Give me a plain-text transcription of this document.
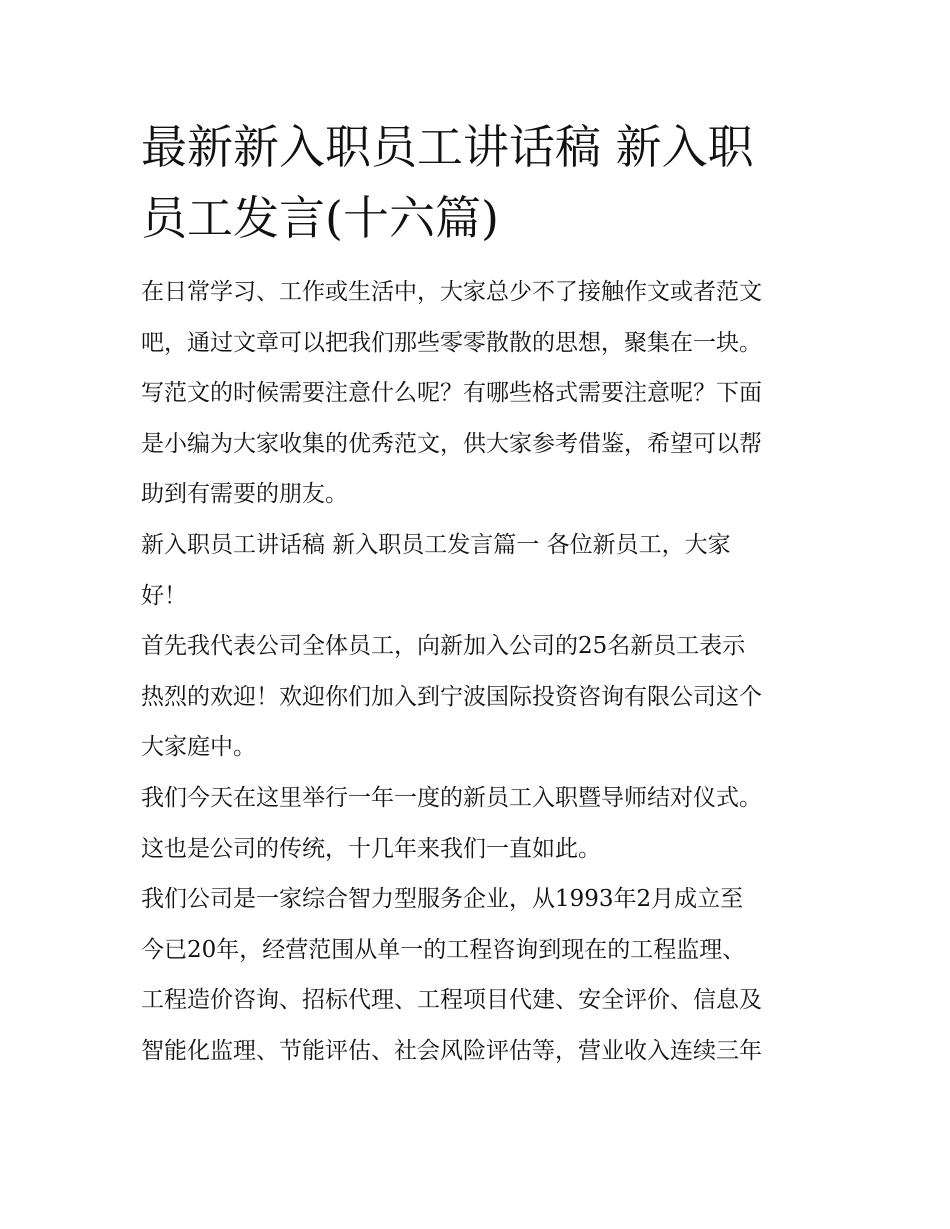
最新新入职员工讲话稿 新入职
员工发言(十六篇)
在日常学习、工作或生活中，大家总少不了接触作文或者范文
吧，通过文章可以把我们那些零零散散的思想，聚集在一块。
写范文的时候需要注意什么呢？有哪些格式需要注意呢？下面
是小编为大家收集的优秀范文，供大家参考借鉴，希望可以帮
助到有需要的朋友。
新入职员工讲话稿 新入职员工发言篇一 各位新员工，大家
好！
首先我代表公司全体员工，向新加入公司的25名新员工表示
热烈的欢迎！欢迎你们加入到宁波国际投资咨询有限公司这个
大家庭中。
我们今天在这里举行一年一度的新员工入职暨导师结对仪式。
这也是公司的传统，十几年来我们一直如此。
我们公司是一家综合智力型服务企业，从1993年2月成立至
今已20年，经营范围从单一的工程咨询到现在的工程监理、
工程造价咨询、招标代理、工程项目代建、安全评价、信息及
智能化监理、节能评估、社会风险评估等，营业收入连续三年
